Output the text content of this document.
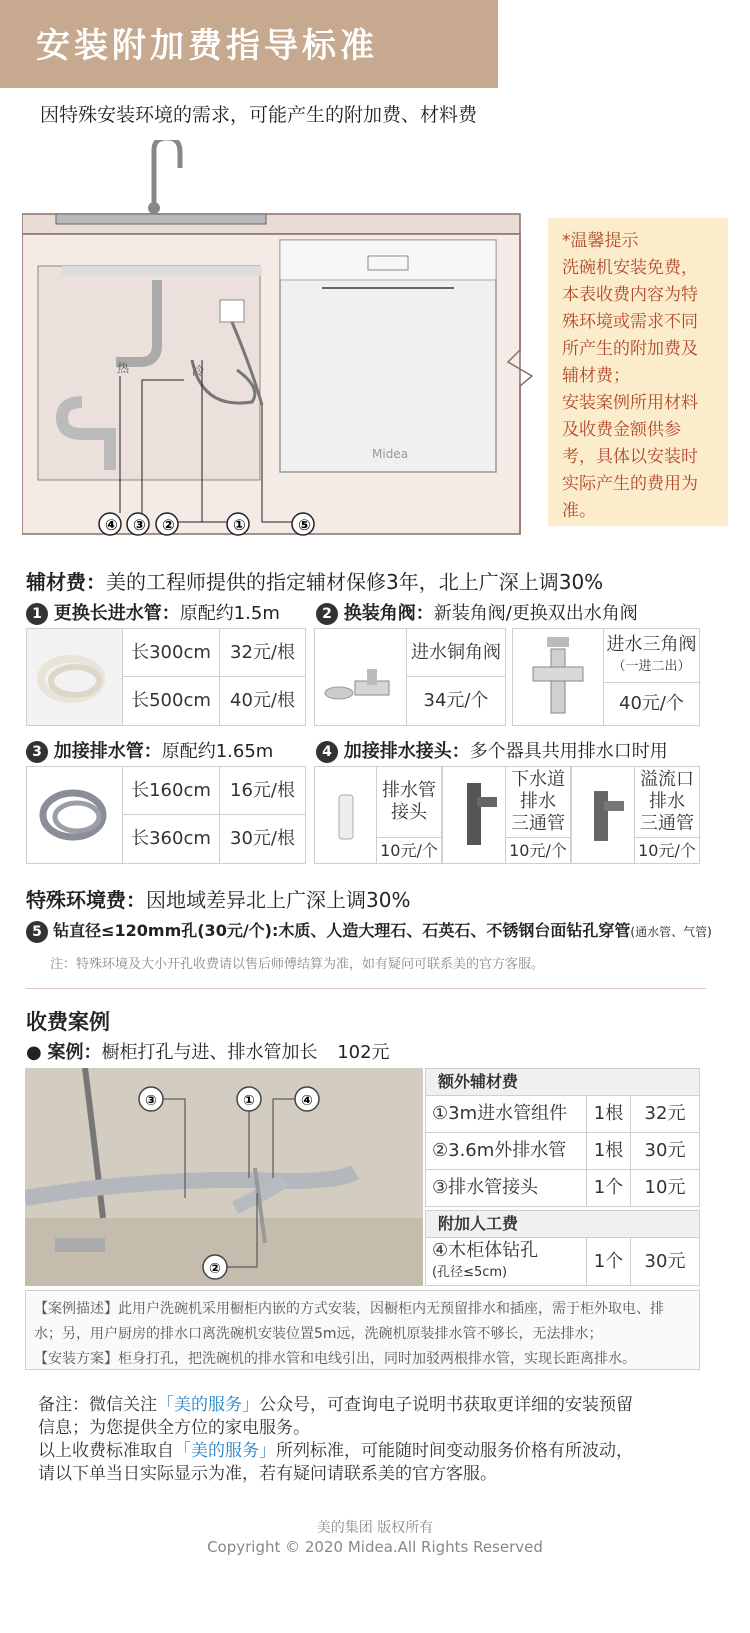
安装附加费指导标准
因特殊安装环境的需求，可能产生的附加费、材料费
热	冷
Midea
④ ③ ②	①	⑤
*温馨提示
洗碗机安装免费，
本表收费内容为特
殊环境或需求不同
所产生的附加费及
辅材费；
安装案例所用材料
及收费金额供参
考，具体以安装时
实际产生的费用为
准。
辅材费：美的工程师提供的指定辅材保修3年，北上广深上调30%
1 更换长进水管：原配约1.5m	2 换装角阀：新装角阀/更换双出水角阀
长300cm	32元/根
长500cm	40元/根
进水铜角阀
34元/个
进水三角阀
（一进二出）
40元/个
3 加接排水管：原配约1.65m	4 加接排水接头：多个器具共用排水口时用
长160cm	16元/根
长360cm	30元/根
排水管
接头
10元/个
下水道
排水
三通管
10元/个
溢流口
排水
三通管
10元/个
特殊环境费：因地域差异北上广深上调30%
5 钻直径≤120mm孔(30元/个):木质、人造大理石、石英石、不锈钢台面钻孔穿管(通水管、气管)
注：特殊环境及大小开孔收费请以售后师傅结算为准，如有疑问可联系美的官方客服。
收费案例
● 案例：橱柜打孔与进、排水管加长 102元
③	①	④
②
额外辅材费
①3m进水管组件	1根	32元
②3.6m外排水管	1根	30元
③排水管接头	1个	10元
附加人工费
④木柜体钻孔
(孔径≤5cm)
1个	30元
【案例描述】此用户洗碗机采用橱柜内嵌的方式安装，因橱柜内无预留排水和插座，需于柜外取电、排水；另，用户厨房的排水口离洗碗机安装位置5m远，洗碗机原装排水管不够长，无法排水；
【安装方案】柜身打孔，把洗碗机的排水管和电线引出，同时加驳两根排水管，实现长距离排水。
备注：微信关注「美的服务」公众号，可查询电子说明书获取更详细的安装预留
信息；为您提供全方位的家电服务。
以上收费标准取自「美的服务」所列标准，可能随时间变动服务价格有所波动，
请以下单当日实际显示为准，若有疑问请联系美的官方客服。
美的集团 版权所有
Copyright © 2020 Midea.All Rights Reserved
